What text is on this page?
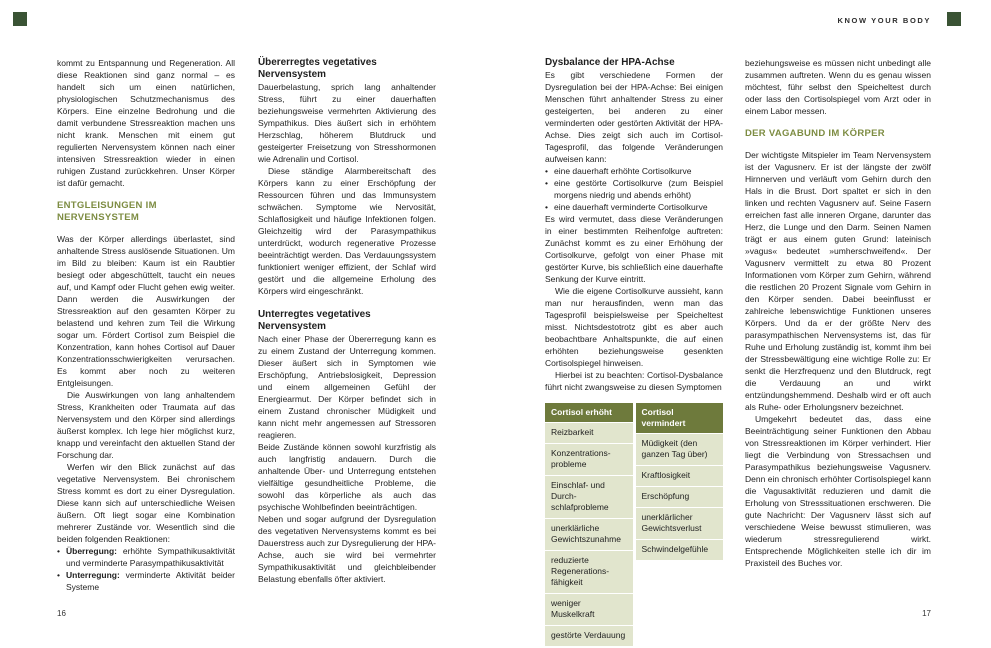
KNOW YOUR BODY

kommt zu Entspannung und Regeneration. All diese Reaktionen sind ganz normal – es handelt sich um einen natürlichen, physiologischen Schutzmechanismus des Körpers. Eine einzelne Bedrohung und die damit verbundene Stressreaktion machen uns nicht krank. Menschen mit einem gut regulierten Nervensystem können nach einer intensiven Stressreaktion wieder in einen ruhigen Zustand zurückkehren. Unser Körper ist dafür gemacht.

ENTGLEISUNGEN IM NERVENSYSTEM

Was der Körper allerdings überlastet, sind anhaltende Stress auslösende Situationen. Um im Bild zu bleiben: Kaum ist ein Raubtier besiegt oder abgeschüttelt, taucht ein neues auf, und Kampf oder Flucht gehen ewig weiter. Dann werden die Auswirkungen der Stressreaktion auf den gesamten Körper zu belastend und kehren zum Teil die Wirkung sogar um. Fördert Cortisol zum Beispiel die Konzentration, kann hohes Cortisol auf Dauer Konzentrationsschwierigkeiten verursachen. Es kommt aber noch zu weiteren Entgleisungen.

Die Auswirkungen von lang anhaltendem Stress, Krankheiten oder Traumata auf das Nervensystem und den Körper sind allerdings äußerst komplex. Ich lege hier möglichst kurz, knapp und vereinfacht den aktuellen Stand der Forschung dar.

Werfen wir den Blick zunächst auf das vegetative Nervensystem. Bei chronischem Stress kommt es dort zu einer Dysregulation. Diese kann sich auf unterschiedliche Weisen äußern. Oft liegt sogar eine Kombination mehrerer Zustände vor. Wesentlich sind die beiden folgenden Reaktionen:

• Überregung: erhöhte Sympathikusaktivität und verminderte Parasympathikusaktivität
• Unterregung: verminderte Aktivität beider Systeme
Übererregtes vegetatives Nervensystem

Dauerbelastung, sprich lang anhaltender Stress, führt zu einer dauerhaften beziehungsweise vermehrten Aktivierung des Sympathikus. Dies äußert sich in erhöhtem Herzschlag, höherem Blutdruck und gesteigerter Freisetzung von Stresshormonen wie Adrenalin und Cortisol.

Diese ständige Alarmbereitschaft des Körpers kann zu einer Erschöpfung der Ressourcen führen und das Immunsystem schwächen. Symptome wie Nervosität, Schlaflosigkeit und häufige Infektionen folgen. Gleichzeitig wird der Parasympathikus unterdrückt, wodurch regenerative Prozesse beeinträchtigt werden. Das Verdauungssystem funktioniert weniger effizient, der Schlaf wird gestört und die allgemeine Erholung des Körpers wird eingeschränkt.

Unterregtes vegetatives Nervensystem

Nach einer Phase der Übererregung kann es zu einem Zustand der Unterregung kommen. Dieser äußert sich in Symptomen wie Erschöpfung, Antriebslosigkeit, Depression und einem allgemeinen Gefühl der Energiearmut. Der Körper befindet sich in einem Zustand chronischer Müdigkeit und kann nicht mehr angemessen auf Stressoren reagieren.

Beide Zustände können sowohl kurzfristig als auch langfristig andauern. Durch die anhaltende Über- und Unterregung entstehen vielfältige gesundheitliche Probleme, die sowohl das körperliche als auch das psychische Wohlbefinden beeinträchtigen.

Neben und sogar aufgrund der Dysregulation des vegetativen Nervensystems kommt es bei Dauerstress auch zur Dysregulierung der HPA-Achse, auch sie wird bei vermehrter Sympathikusaktivität und gleichbleibender Belastung ebenfalls öfter aktiviert.

Dysbalance der HPA-Achse

Es gibt verschiedene Formen der Dysregulation bei der HPA-Achse: Bei einigen Menschen führt anhaltender Stress zu einer gesteigerten, bei anderen zu einer verminderten oder gestörten Aktivität der HPA-Achse. Dies zeigt sich auch im Cortisol-Tagesprofil, das folgende Veränderungen aufweisen kann:

• eine dauerhaft erhöhte Cortisolkurve
• eine gestörte Cortisolkurve (zum Beispiel morgens niedrig und abends erhöht)
• eine dauerhaft verminderte Cortisolkurve

Es wird vermutet, dass diese Veränderungen in einer bestimmten Reihenfolge auftreten: Zunächst kommt es zu einer Erhöhung der Cortisolkurve, gefolgt von einer Phase mit gestörter Kurve, bis schließlich eine dauerhafte Senkung der Kurve eintritt.

Wie die eigene Cortisolkurve aussieht, kann man nur herausfinden, wenn man das Tagesprofil beispielsweise per Speicheltest misst. Nichtsdestotrotz gibt es aber auch beobachtbare Anhaltspunkte, die auf einen erhöhten beziehungsweise gesenkten Cortisolspiegel hinweisen.

Hierbei ist zu beachten: Cortisol-Dysbalance führt nicht zwangsweise zu diesen Symptomen

Cortisol erhöht
Reizbarkeit
Konzentrationsprobleme
Einschlaf- und Durchschlafprobleme
unerklärliche Gewichtszunahme
reduzierte Regenerationsfähigkeit
weniger Muskelkraft
gestörte Verdauung
Cortisol vermindert
Müdigkeit (den ganzen Tag über)
Kraftlosigkeit
Erschöpfung
unerklärlicher Gewichtsverlust
Schwindelgefühle

beziehungsweise es müssen nicht unbedingt alle zusammen auftreten. Wenn du es genau wissen möchtest, führ selbst den Speicheltest durch oder lass den Cortisolspiegel vom Arzt oder in einem Labor messen.

DER VAGABUND IM KÖRPER

Der wichtigste Mitspieler im Team Nervensystem ist der Vagusnerv. Er ist der längste der zwölf Hirnnerven und verläuft vom Gehirn durch den Hals in die Brust. Dort spaltet er sich in den linken und rechten Vagusnerv auf. Seine Fasern erreichen fast alle inneren Organe, darunter das Herz, die Lunge und den Darm. Seinen Namen trägt er aus einem guten Grund: lateinisch »vagus« bedeutet »umherschweifend«. Der Vagusnerv vermittelt zu etwa 80 Prozent Informationen vom Körper zum Gehirn, während die restlichen 20 Prozent Signale vom Gehirn in den Körper senden. Dabei beeinflusst er zahlreiche lebenswichtige Funktionen unseres Körpers. Und da er der größte Nerv des parasympathischen Nervensystems ist, das für Ruhe und Erholung zuständig ist, kommt ihm bei der Stressbewältigung eine wichtige Rolle zu: Er senkt die Herzfrequenz und den Blutdruck, regt die Verdauung an und wirkt entzündungshemmend. Deshalb wird er oft auch als Ruhe- oder Erholungsnerv bezeichnet.

Umgekehrt bedeutet das, dass eine Beeinträchtigung seiner Funktionen den Abbau von Stressreaktionen im Körper verhindert. Hier liegt die Verbindung von Stressachsen und Parasympathikus beziehungsweise Vagusnerv. Denn ein chronisch erhöhter Cortisolspiegel kann die Vagusaktivität reduzieren und damit die Erholung von Stresssituationen erschweren. Die gute Nachricht: Der Vagusnerv lässt sich auf verschiedene Weise bewusst stimulieren, was wiederum stressregulierend wirkt. Entsprechende Möglichkeiten stelle ich dir im Praxisteil des Buches vor.

16	17
